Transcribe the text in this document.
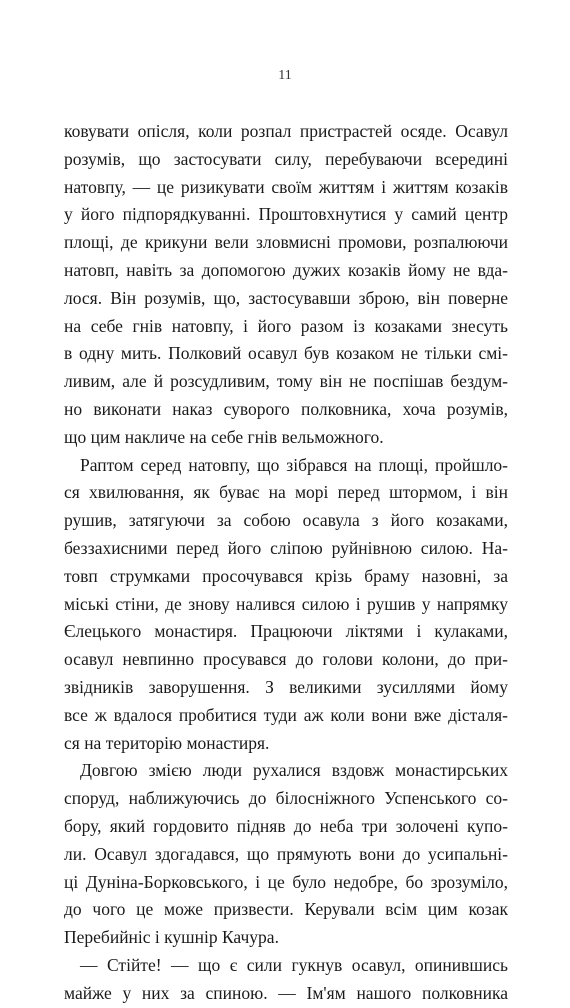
11
ковувати опісля, коли розпал пристрастей осяде. Осавул
розумів, що застосувати силу, перебуваючи всередині
натовпу, — це ризикувати своїм життям і життям козаків
у його підпорядкуванні. Проштовхнутися у самий центр
площі, де крикуни вели зловмисні промови, розпалюючи
натовп, навіть за допомогою дужих козаків йому не вда-
лося. Він розумів, що, застосувавши зброю, він поверне
на себе гнів натовпу, і його разом із козаками знесуть
в одну мить. Полковий осавул був козаком не тільки смі-
ливим, але й розсудливим, тому він не поспішав бездум-
но виконати наказ суворого полковника, хоча розумів,
що цим накличе на себе гнів вельможного.
Раптом серед натовпу, що зібрався на площі, пройшло-
ся хвилювання, як буває на морі перед штормом, і він
рушив, затягуючи за собою осавула з його козаками,
беззахисними перед його сліпою руйнівною силою. На-
товп струмками просочувався крізь браму назовні, за
міські стіни, де знову налився силою і рушив у напрямку
Єлецького монастиря. Працюючи ліктями і кулаками,
осавул невпинно просувався до голови колони, до при-
звідників заворушення. З великими зусиллями йому
все ж вдалося пробитися туди аж коли вони вже дісталя-
ся на територію монастиря.
Довгою змією люди рухалися вздовж монастирських
споруд, наближуючись до білосніжного Успенського со-
бору, який гордовито підняв до неба три золочені купо-
ли. Осавул здогадався, що прямують вони до усипальні-
ці Дуніна-Борковського, і це було недобре, бо зрозуміло,
до чого це може призвести. Керували всім цим козак
Перебийніс і кушнір Качура.
— Стійте! — що є сили гукнув осавул, опинившись
майже у них за спиною. — Ім'ям нашого полковника
